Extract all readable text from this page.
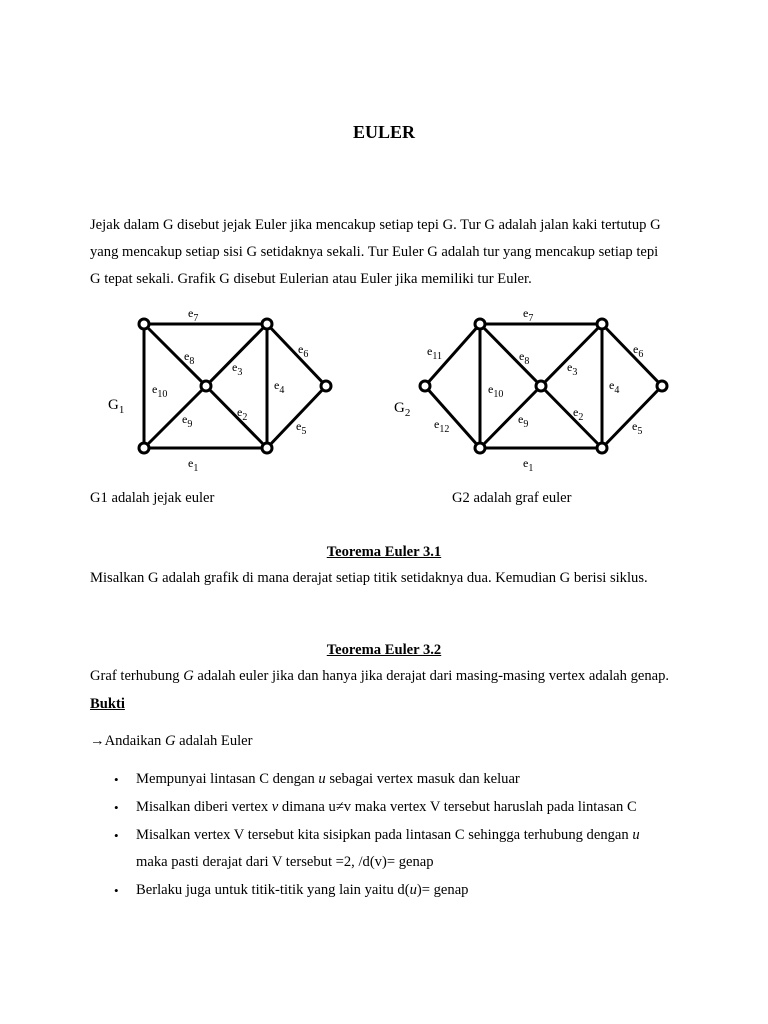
EULER
Jejak dalam G disebut jejak Euler jika mencakup setiap tepi G. Tur G adalah jalan kaki tertutup G
yang mencakup setiap sisi G setidaknya sekali. Tur Euler G adalah tur yang mencakup setiap tepi
G tepat sekali. Grafik G disebut Eulerian atau Euler jika memiliki tur Euler.
$G_1$
$e_7$
$e_8$
$e_6$
$e_3$
$e_{10}$
$e_4$
$e_9$
$e_2$
$e_5$
$e_1$
$G_2$
$e_7$
$e_{11}$	$e_8$
$e_6$
$e_3$
$e_{10}$
$e_4$
$e_9$
$e_2$
$e_{12}$	$e_5$
$e_1$
G1 adalah jejak euler	G2 adalah graf euler
Teorema Euler 3.1
Misalkan G adalah grafik di mana derajat setiap titik setidaknya dua. Kemudian G berisi siklus.
Teorema Euler 3.2
Graf terhubung G adalah euler jika dan hanya jika derajat dari masing-masing vertex adalah genap.
Bukti
→Andaikan G adalah Euler
• Mempunyai lintasan C dengan u sebagai vertex masuk dan keluar
• Misalkan diberi vertex v dimana u≠v maka vertex V tersebut haruslah pada lintasan C
• Misalkan vertex V tersebut kita sisipkan pada lintasan C sehingga terhubung dengan u
maka pasti derajat dari V tersebut =2, /d(v)= genap
• Berlaku juga untuk titik-titik yang lain yaitu d(u)= genap
